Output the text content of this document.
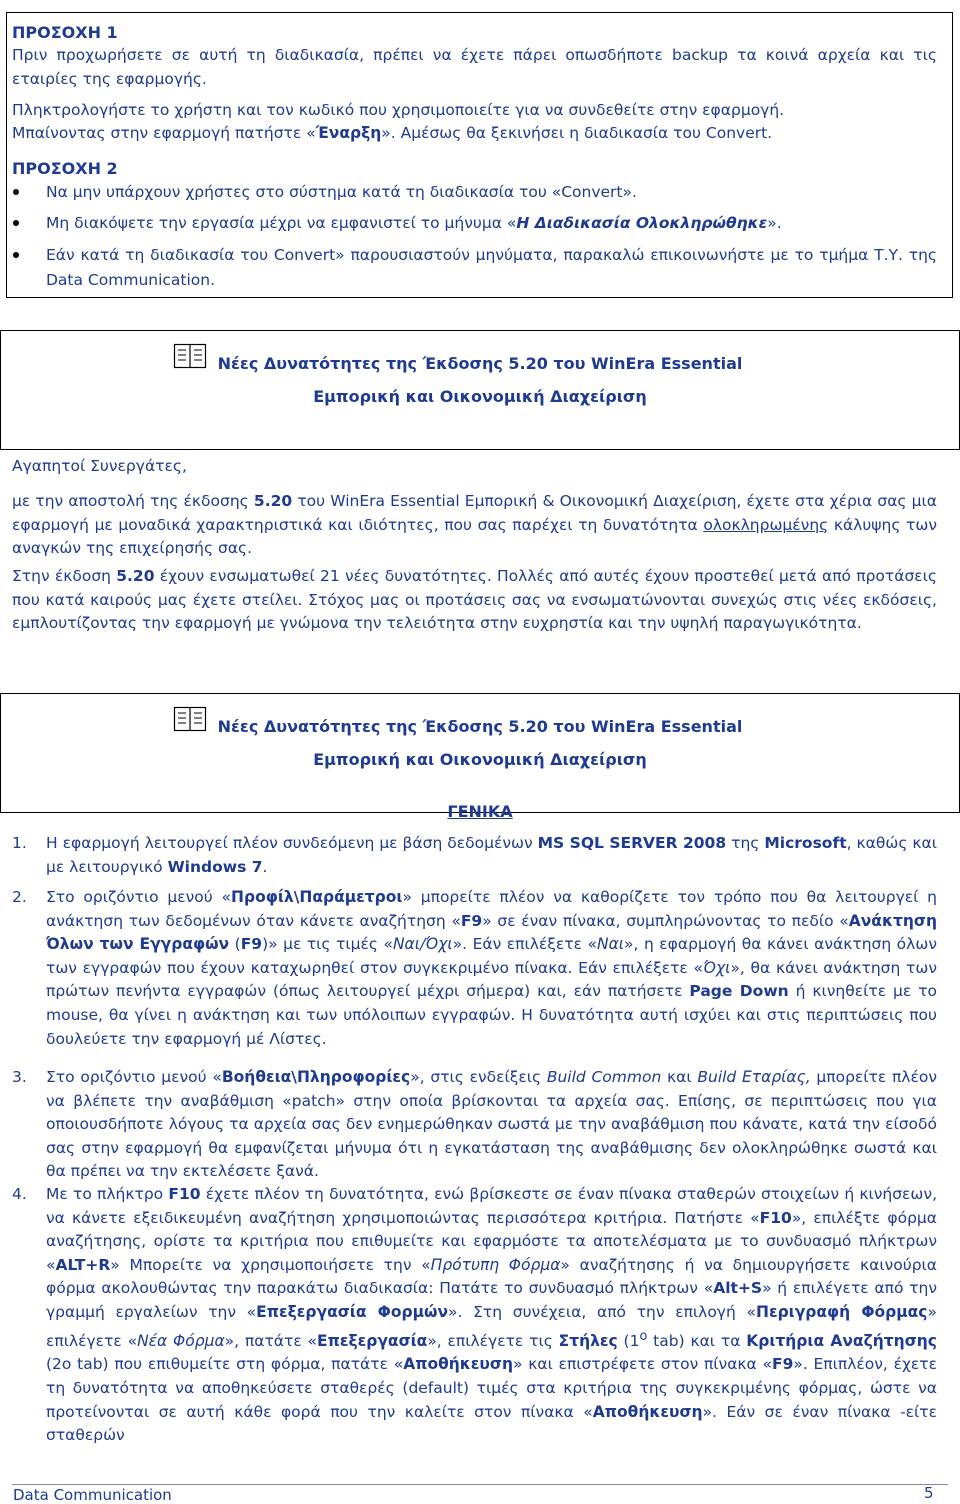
ΠΡΟΣΟΧΗ 1
Πριν προχωρήσετε σε αυτή τη διαδικασία, πρέπει να έχετε πάρει οπωσδήποτε backup τα κοινά αρχεία και τις εταιρίες της εφαρμογής.
Πληκτρολογήστε το χρήστη και τον κωδικό που χρησιμοποιείτε για να συνδεθείτε στην εφαρμογή.
Μπαίνοντας στην εφαρμογή πατήστε «Έναρξη». Αμέσως θα ξεκινήσει η διαδικασία του Convert.
ΠΡΟΣΟΧΗ 2
Να μην υπάρχουν χρήστες στο σύστημα κατά τη διαδικασία του «Convert».
Μη διακόψετε την εργασία μέχρι να εμφανιστεί το μήνυμα «Η Διαδικασία Ολοκληρώθηκε».
Εάν κατά τη διαδικασία του Convert» παρουσιαστούν μηνύματα, παρακαλώ επικοινωνήστε με το τμήμα Τ.Υ. της Data Communication.
Νέες Δυνατότητες της Έκδοσης 5.20 του WinEra Essential
Εμπορική και Οικονομική Διαχείριση
Αγαπητοί Συνεργάτες,
με την αποστολή της έκδοσης 5.20 του WinEra Essential Εμπορική & Οικονομική Διαχείριση, έχετε στα χέρια σας μια εφαρμογή με μοναδικά χαρακτηριστικά και ιδιότητες, που σας παρέχει τη δυνατότητα ολοκληρωμένης κάλυψης των αναγκών της επιχείρησής σας.
Στην έκδοση 5.20 έχουν ενσωματωθεί 21 νέες δυνατότητες. Πολλές από αυτές έχουν προστεθεί μετά από προτάσεις που κατά καιρούς μας έχετε στείλει. Στόχος μας οι προτάσεις σας να ενσωματώνονται συνεχώς στις νέες εκδόσεις, εμπλουτίζοντας την εφαρμογή με γνώμονα την τελειότητα στην ευχρηστία και την υψηλή παραγωγικότητα.
Νέες Δυνατότητες της Έκδοσης 5.20 του WinEra Essential
Εμπορική και Οικονομική Διαχείριση
ΓΕΝΙΚΑ
1. Η εφαρμογή λειτουργεί πλέον συνδεόμενη με βάση δεδομένων MS SQL SERVER 2008 της Microsoft, καθώς και με λειτουργικό Windows 7.
2. Στο οριζόντιο μενού «Προφίλ\Παράμετροι» μπορείτε πλέον να καθορίζετε τον τρόπο που θα λειτουργεί η ανάκτηση των δεδομένων όταν κάνετε αναζήτηση «F9» σε έναν πίνακα, συμπληρώνοντας το πεδίο «Ανάκτηση Όλων των Εγγραφών (F9)» με τις τιμές «Ναι/Όχι». Εάν επιλέξετε «Ναι», η εφαρμογή θα κάνει ανάκτηση όλων των εγγραφών που έχουν καταχωρηθεί στον συγκεκριμένο πίνακα. Εάν επιλέξετε «Όχι», θα κάνει ανάκτηση των πρώτων πενήντα εγγραφών (όπως λειτουργεί μέχρι σήμερα) και, εάν πατήσετε Page Down ή κινηθείτε με το mouse, θα γίνει η ανάκτηση και των υπόλοιπων εγγραφών. Η δυνατότητα αυτή ισχύει και στις περιπτώσεις που δουλεύετε την εφαρμογή μέ Λίστες.
3. Στο οριζόντιο μενού «Βοήθεια\Πληροφορίες», στις ενδείξεις Build Common και Build Εταρίας, μπορείτε πλέον να βλέπετε την αναβάθμιση «patch» στην οποία βρίσκονται τα αρχεία σας. Επίσης, σε περιπτώσεις που για οποιουσδήποτε λόγους τα αρχεία σας δεν ενημερώθηκαν σωστά με την αναβάθμιση που κάνατε, κατά την είσοδό σας στην εφαρμογή θα εμφανίζεται μήνυμα ότι η εγκατάσταση της αναβάθμισης δεν ολοκληρώθηκε σωστά και θα πρέπει να την εκτελέσετε ξανά.
4. Με το πλήκτρο F10 έχετε πλέον τη δυνατότητα, ενώ βρίσκεστε σε έναν πίνακα σταθερών στοιχείων ή κινήσεων, να κάνετε εξειδικευμένη αναζήτηση χρησιμοποιώντας περισσότερα κριτήρια. Πατήστε «F10», επιλέξτε φόρμα αναζήτησης, ορίστε τα κριτήρια που επιθυμείτε και εφαρμόστε τα αποτελέσματα με το συνδυασμό πλήκτρων «ALT+R» Μπορείτε να χρησιμοποιήσετε την «Πρότυπη Φόρμα» αναζήτησης ή να δημιουργήσετε καινούρια φόρμα ακολουθώντας την παρακάτω διαδικασία: Πατάτε το συνδυασμό πλήκτρων «Alt+S» ή επιλέγετε από την γραμμή εργαλείων την «Επεξεργασία Φορμών». Στη συνέχεια, από την επιλογή «Περιγραφή Φόρμας» επιλέγετε «Νέα Φόρμα», πατάτε «Επεξεργασία», επιλέγετε τις Στήλες (1$^o$ tab) και τα Κριτήρια Αναζήτησης (2o tab) που επιθυμείτε στη φόρμα, πατάτε «Αποθήκευση» και επιστρέφετε στον πίνακα «F9». Επιπλέον, έχετε τη δυνατότητα να αποθηκεύσετε σταθερές (default) τιμές στα κριτήρια της συγκεκριμένης φόρμας, ώστε να προτείνονται σε αυτή κάθε φορά που την καλείτε στον πίνακα «Αποθήκευση». Εάν σε έναν πίνακα -είτε σταθερών
Data Communication	5
